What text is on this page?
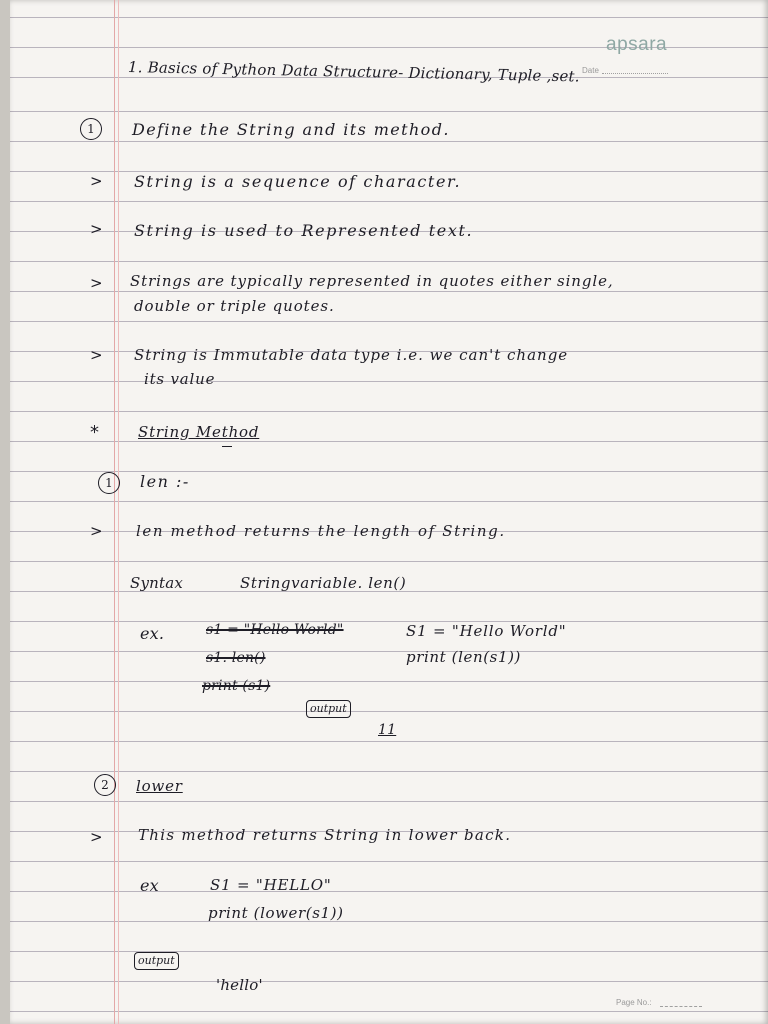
apsara
Date
1. Basics of Python Data Structure- Dictionary, Tuple ,set.
1	Define the String and its method.
> String is a sequence of character.
> String is used to Represented text.
> Strings are typically represented in quotes either single,
double or triple quotes.
> String is Immutable data type i.e. we can't change
its value
*	String Method
1	len :-
> len method returns the length of String.
Syntax	Stringvariable. len()
ex.	s1 = "Hello World"
s1. len()
print (s1)
S1 = "Hello World"
print (len(s1))
output
11
2	lower
> This method returns String in lower back.
ex	S1 = "HELLO"
print (lower(s1))
output
'hello'
Page No.:
